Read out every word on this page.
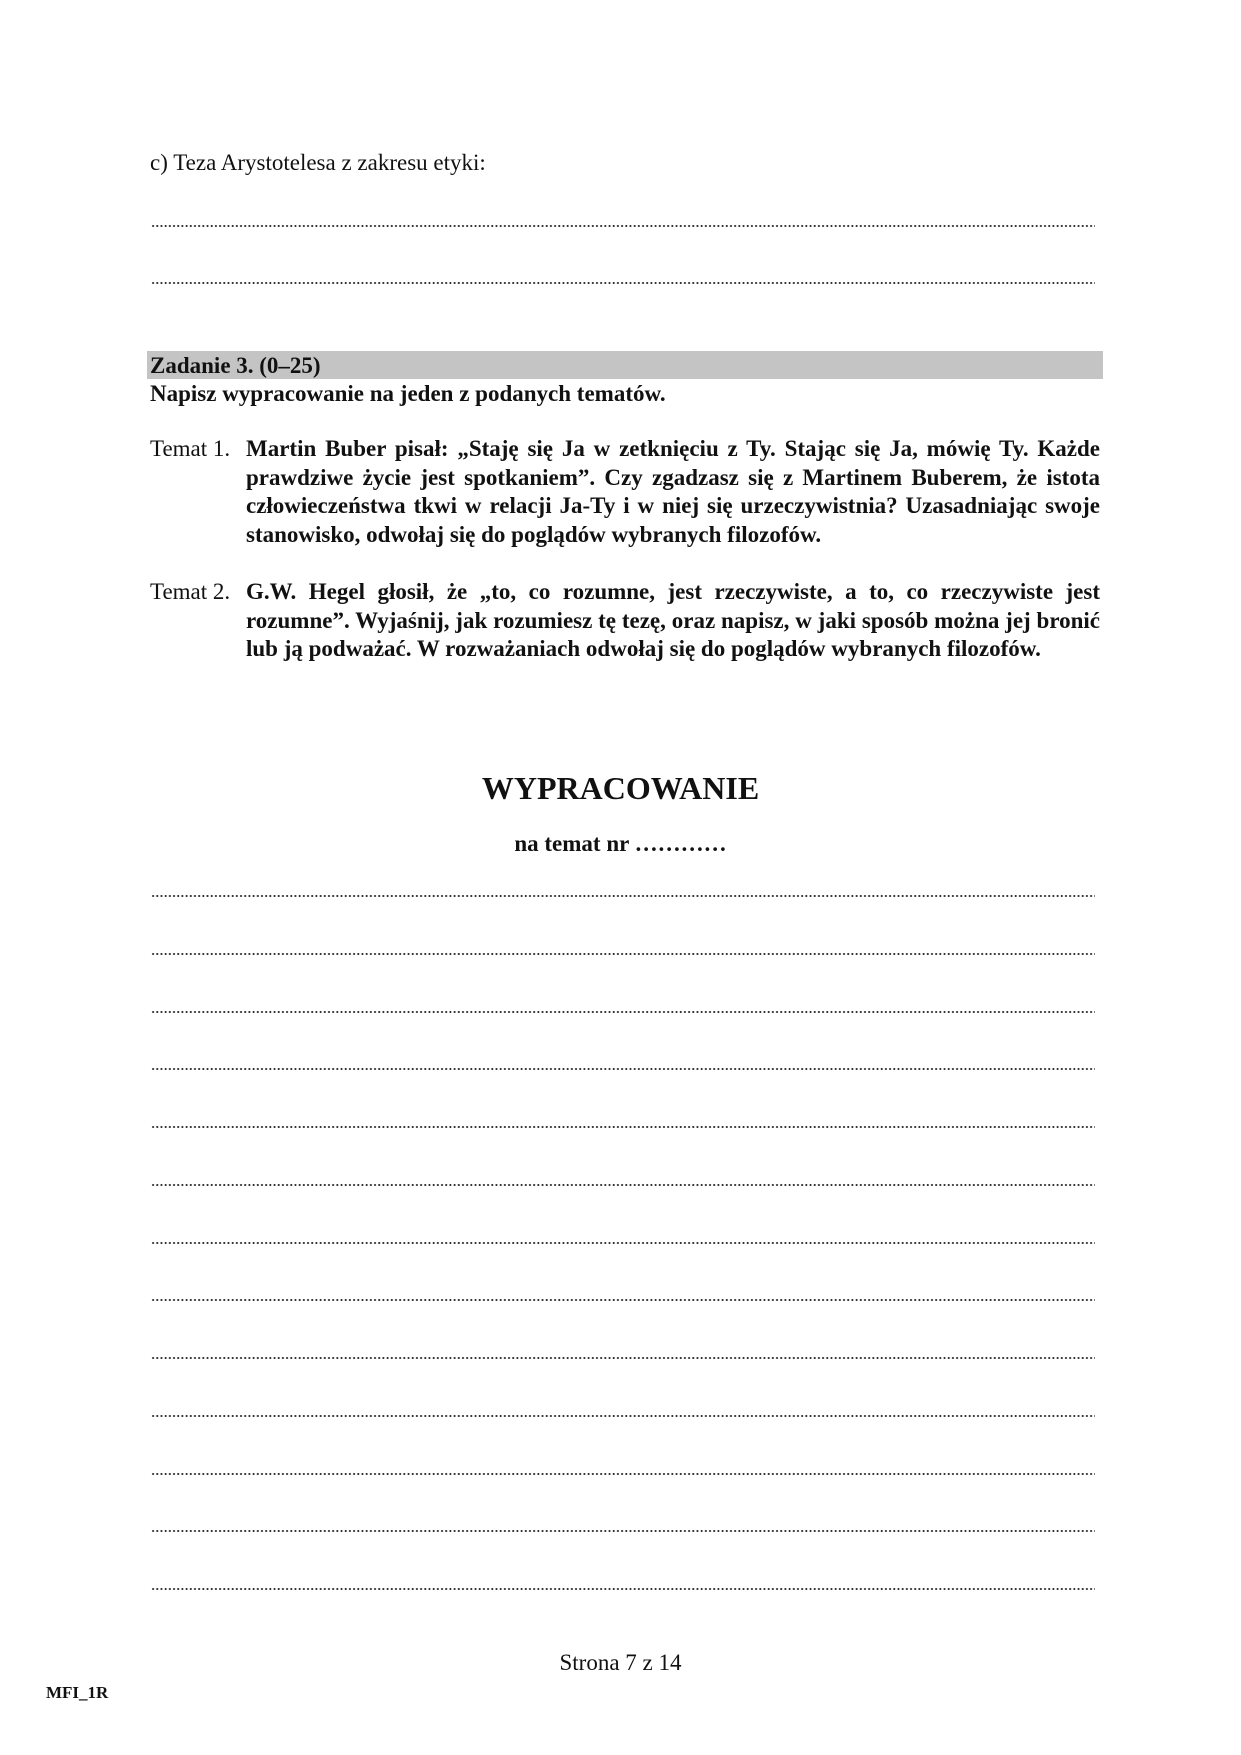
c) Teza Arystotelesa z zakresu etyki:
Zadanie 3. (0–25)
Napisz wypracowanie na jeden z podanych tematów.
Temat 1. Martin Buber pisał: „Staję się Ja w zetknięciu z Ty. Stając się Ja, mówię Ty. Każde prawdziwe życie jest spotkaniem”. Czy zgadzasz się z Martinem Buberem, że istota człowieczeństwa tkwi w relacji Ja-Ty i w niej się urzeczywistnia? Uzasadniając swoje stanowisko, odwołaj się do poglądów wybranych filozofów.
Temat 2. G.W. Hegel głosił, że „to, co rozumne, jest rzeczywiste, a to, co rzeczywiste jest rozumne”. Wyjaśnij, jak rozumiesz tę tezę, oraz napisz, w jaki sposób można jej bronić lub ją podważać. W rozważaniach odwołaj się do poglądów wybranych filozofów.
WYPRACOWANIE
na temat nr …………
Strona 7 z 14
MFI_1R
